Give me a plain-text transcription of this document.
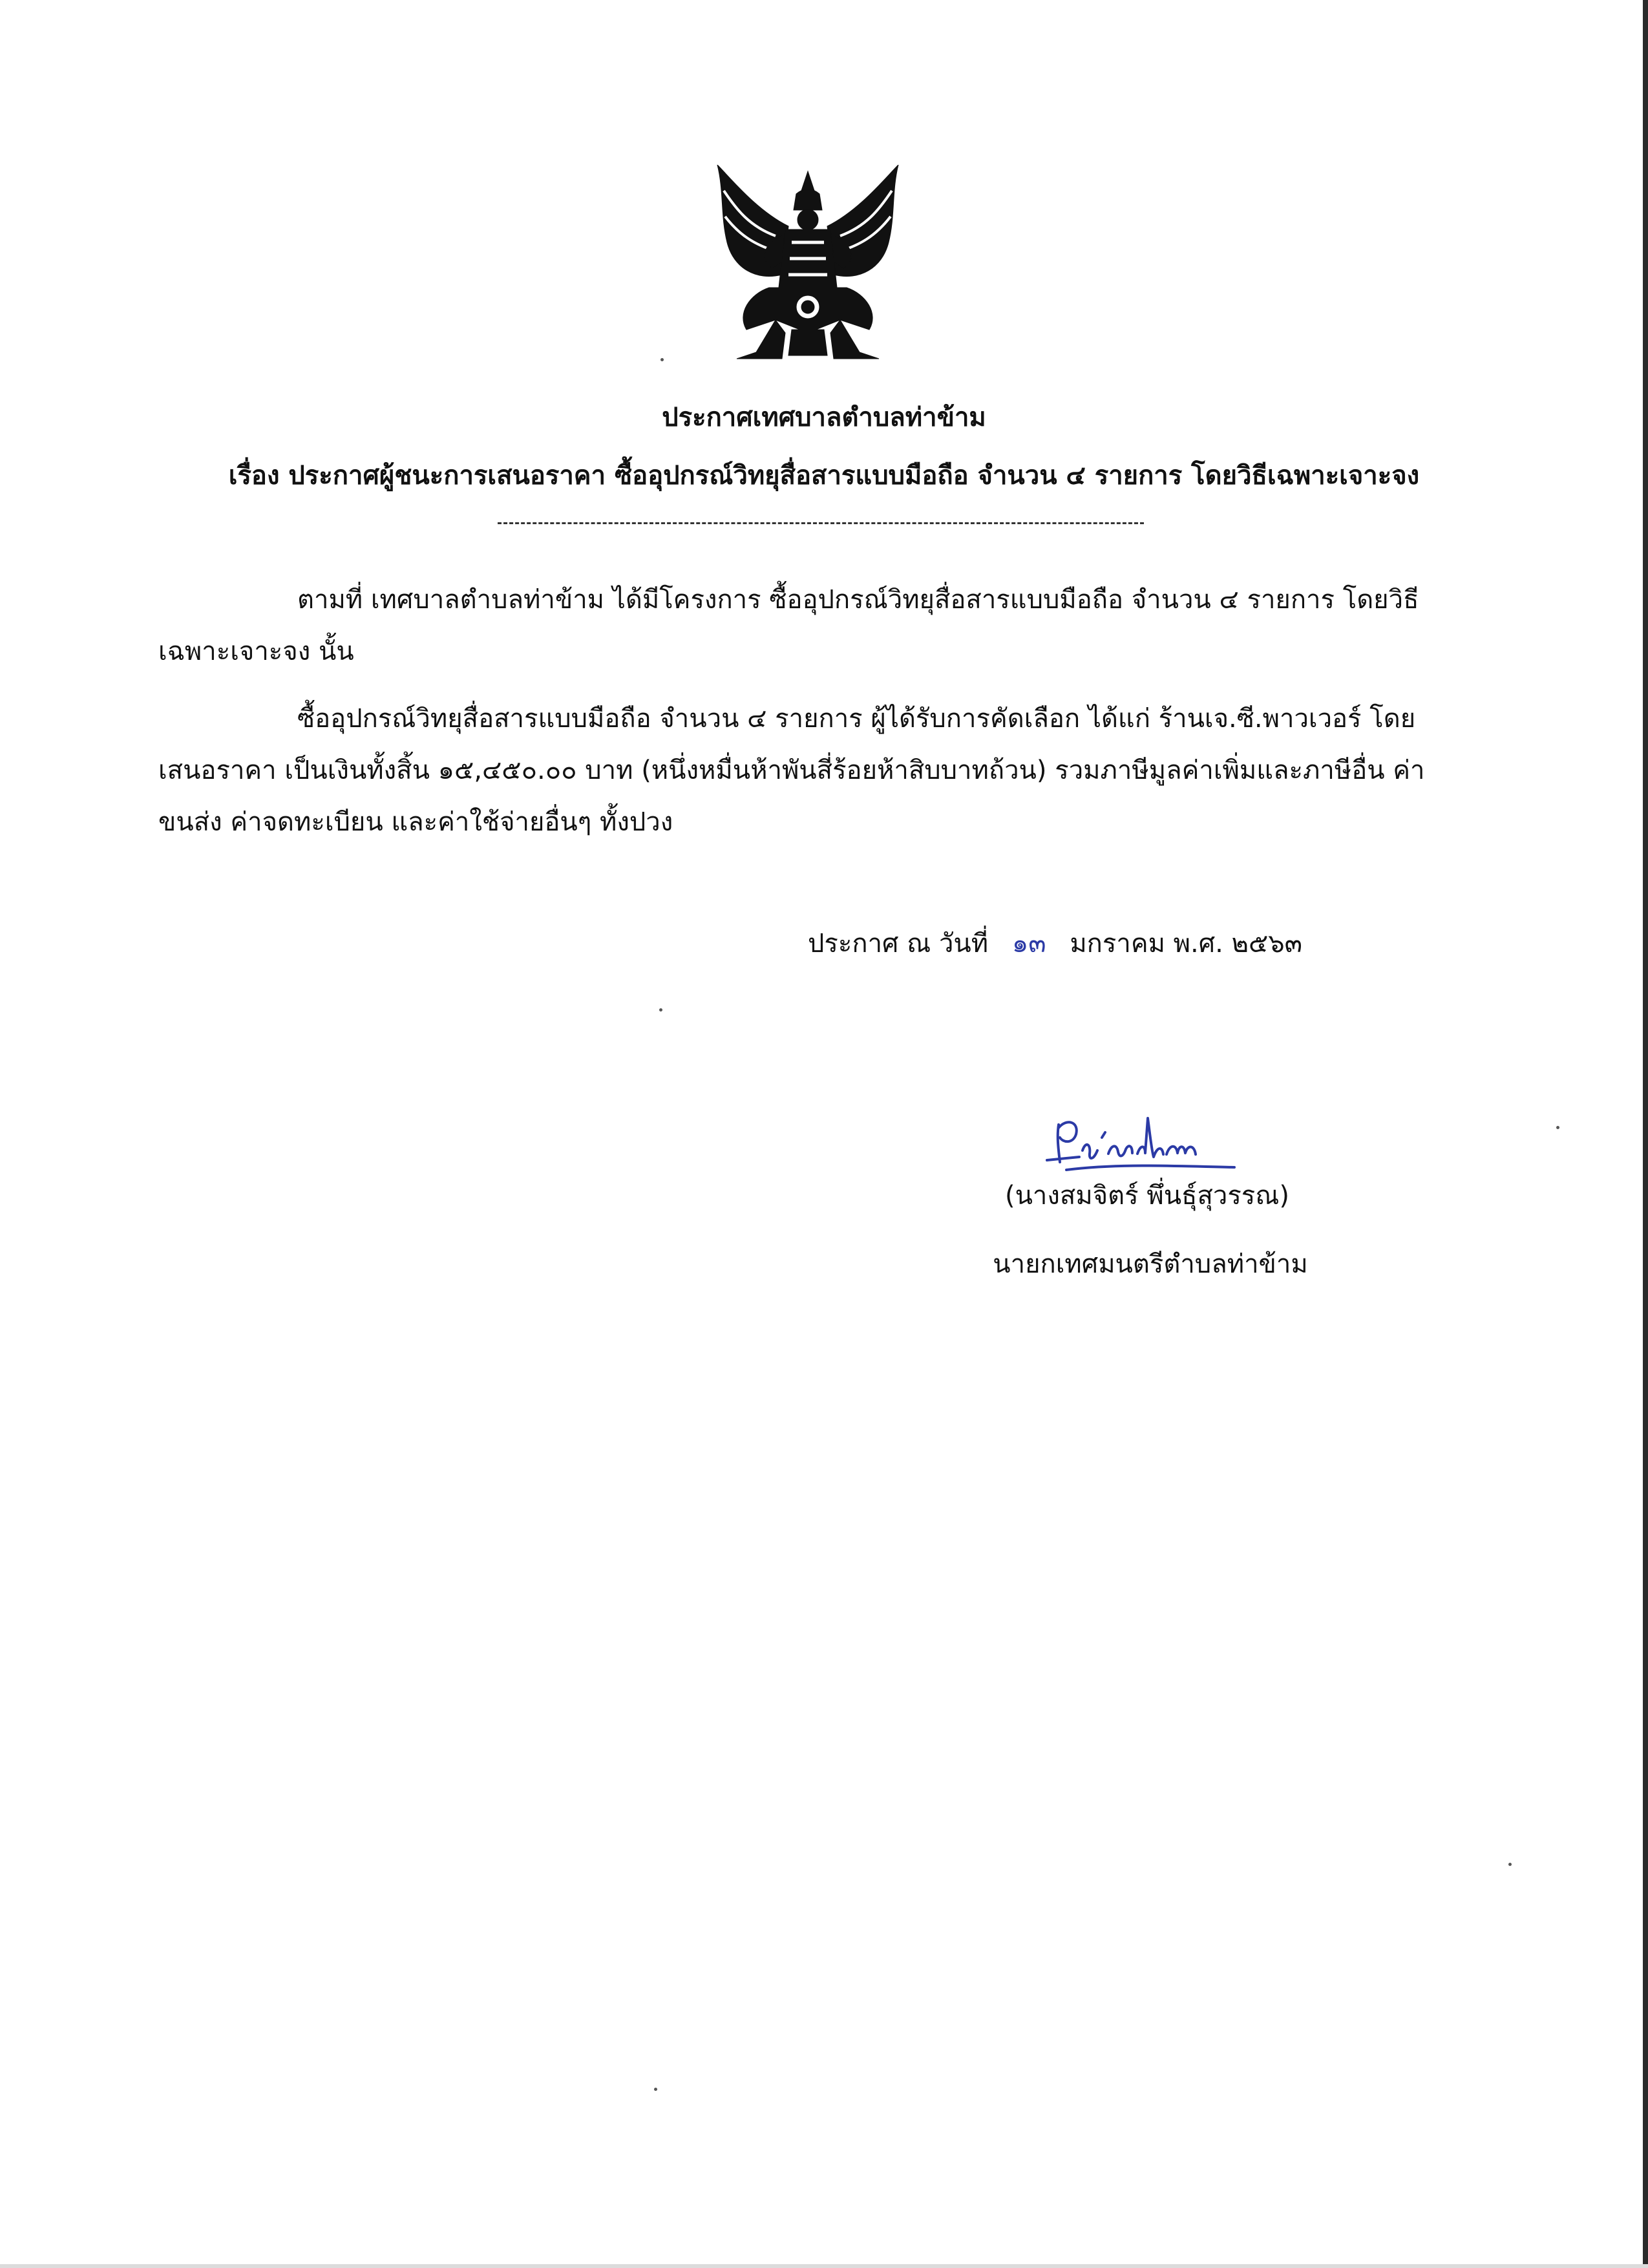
ประกาศเทศบาลตำบลท่าข้าม
เรื่อง ประกาศผู้ชนะการเสนอราคา ซื้ออุปกรณ์วิทยุสื่อสารแบบมือถือ จำนวน ๔ รายการ โดยวิธีเฉพาะเจาะจง
ตามที่ เทศบาลตำบลท่าข้าม ได้มีโครงการ ซื้ออุปกรณ์วิทยุสื่อสารแบบมือถือ จำนวน ๔ รายการ โดยวิธีเฉพาะเจาะจง นั้น
ซื้ออุปกรณ์วิทยุสื่อสารแบบมือถือ จำนวน ๔ รายการ ผู้ได้รับการคัดเลือก ได้แก่ ร้านเจ.ซี.พาวเวอร์ โดยเสนอราคา เป็นเงินทั้งสิ้น ๑๕,๔๕๐.๐๐ บาท (หนึ่งหมื่นห้าพันสี่ร้อยห้าสิบบาทถ้วน) รวมภาษีมูลค่าเพิ่มและภาษีอื่น ค่าขนส่ง ค่าจดทะเบียน และค่าใช้จ่ายอื่นๆ ทั้งปวง
ประกาศ ณ วันที่ ๑๓ มกราคม พ.ศ. ๒๕๖๓
(นางสมจิตร์ พึ่นธุ์สุวรรณ)
นายกเทศมนตรีตำบลท่าข้าม
